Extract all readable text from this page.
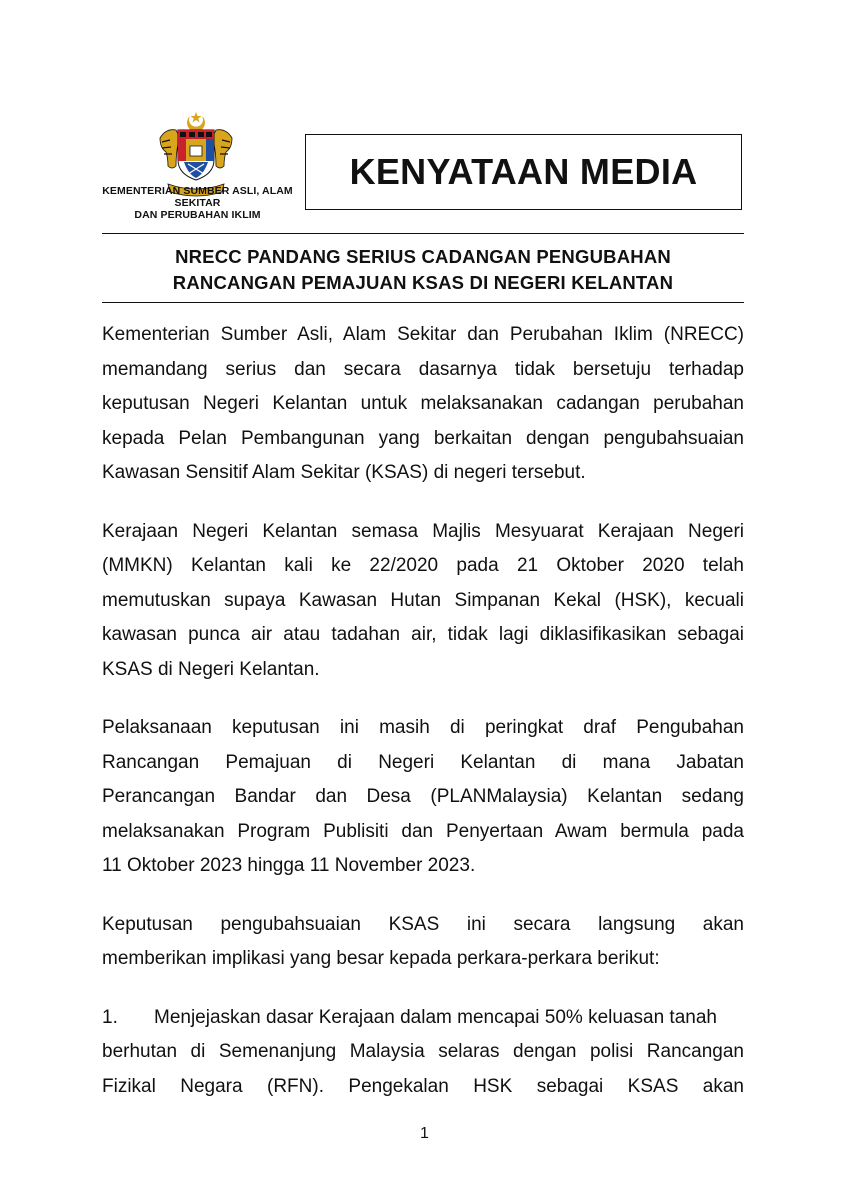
KEMENTERIAN SUMBER ASLI, ALAM SEKITAR
DAN PERUBAHAN IKLIM
KENYATAAN MEDIA
NRECC PANDANG SERIUS CADANGAN PENGUBAHAN
RANCANGAN PEMAJUAN KSAS DI NEGERI KELANTAN

Kementerian Sumber Asli, Alam Sekitar dan Perubahan Iklim (NRECC)
memandang serius dan secara dasarnya tidak bersetuju terhadap
keputusan Negeri Kelantan untuk melaksanakan cadangan perubahan
kepada Pelan Pembangunan yang berkaitan dengan pengubahsuaian
Kawasan Sensitif Alam Sekitar (KSAS) di negeri tersebut.

Kerajaan Negeri Kelantan semasa Majlis Mesyuarat Kerajaan Negeri
(MMKN) Kelantan kali ke 22/2020 pada 21 Oktober 2020 telah
memutuskan supaya Kawasan Hutan Simpanan Kekal (HSK), kecuali
kawasan punca air atau tadahan air, tidak lagi diklasifikasikan sebagai
KSAS di Negeri Kelantan.

Pelaksanaan keputusan ini masih di peringkat draf Pengubahan
Rancangan Pemajuan di Negeri Kelantan di mana Jabatan
Perancangan Bandar dan Desa (PLANMalaysia) Kelantan sedang
melaksanakan Program Publisiti dan Penyertaan Awam bermula pada
11 Oktober 2023 hingga 11 November 2023.

Keputusan pengubahsuaian KSAS ini secara langsung akan
memberikan implikasi yang besar kepada perkara-perkara berikut:

1. Menjejaskan dasar Kerajaan dalam mencapai 50% keluasan tanah
berhutan di Semenanjung Malaysia selaras dengan polisi Rancangan
Fizikal Negara (RFN). Pengekalan HSK sebagai KSAS akan

1
